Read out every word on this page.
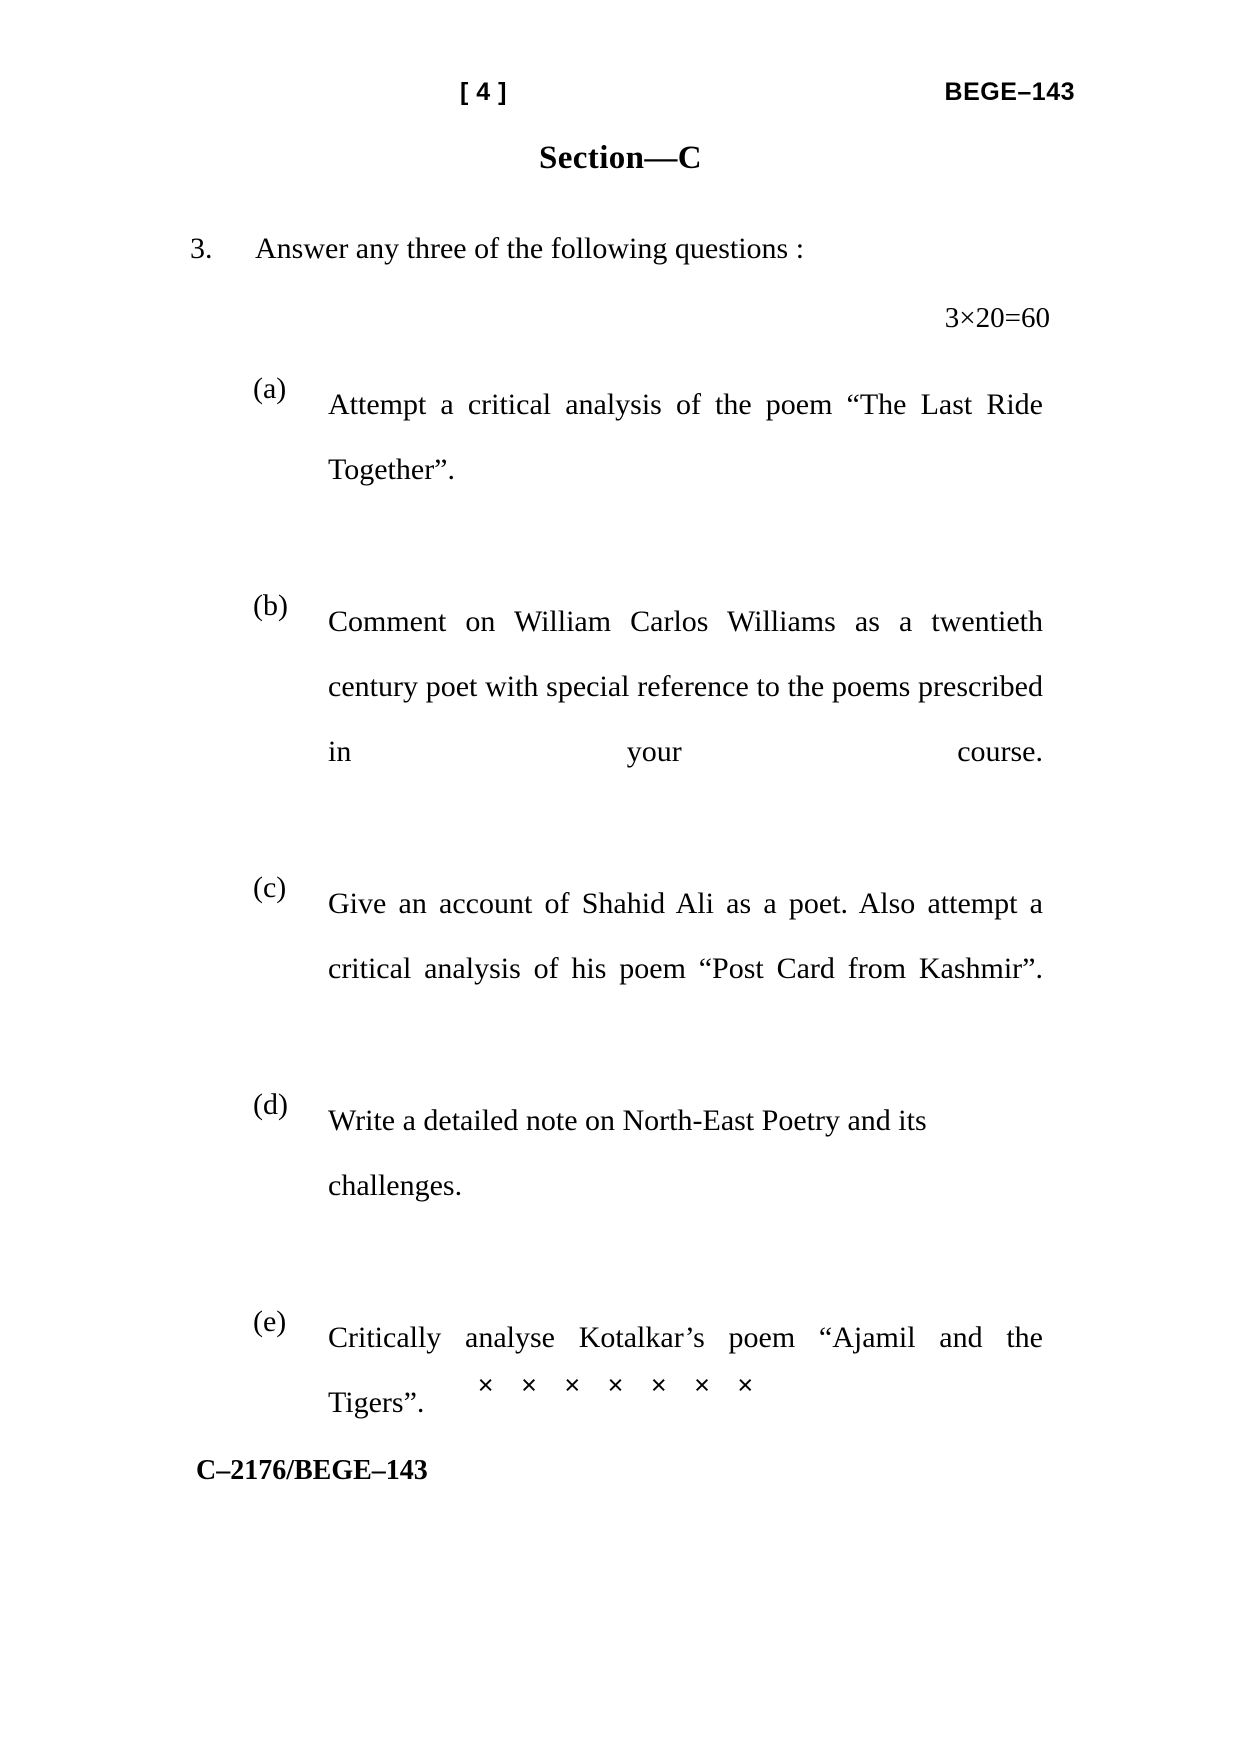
[ 4 ]	BEGE–143
Section—C
3. Answer any three of the following questions :
3×20=60
(a) Attempt a critical analysis of the poem “The Last Ride Together”.
(b) Comment on William Carlos Williams as a twentieth century poet with special reference to the poems prescribed in your course.
(c) Give an account of Shahid Ali as a poet. Also attempt a critical analysis of his poem “Post Card from Kashmir”.
(d) Write a detailed note on North-East Poetry and its challenges.
(e) Critically analyse Kotalkar’s poem “Ajamil and the Tigers”.
× × × × × × ×
C–2176/BEGE–143
